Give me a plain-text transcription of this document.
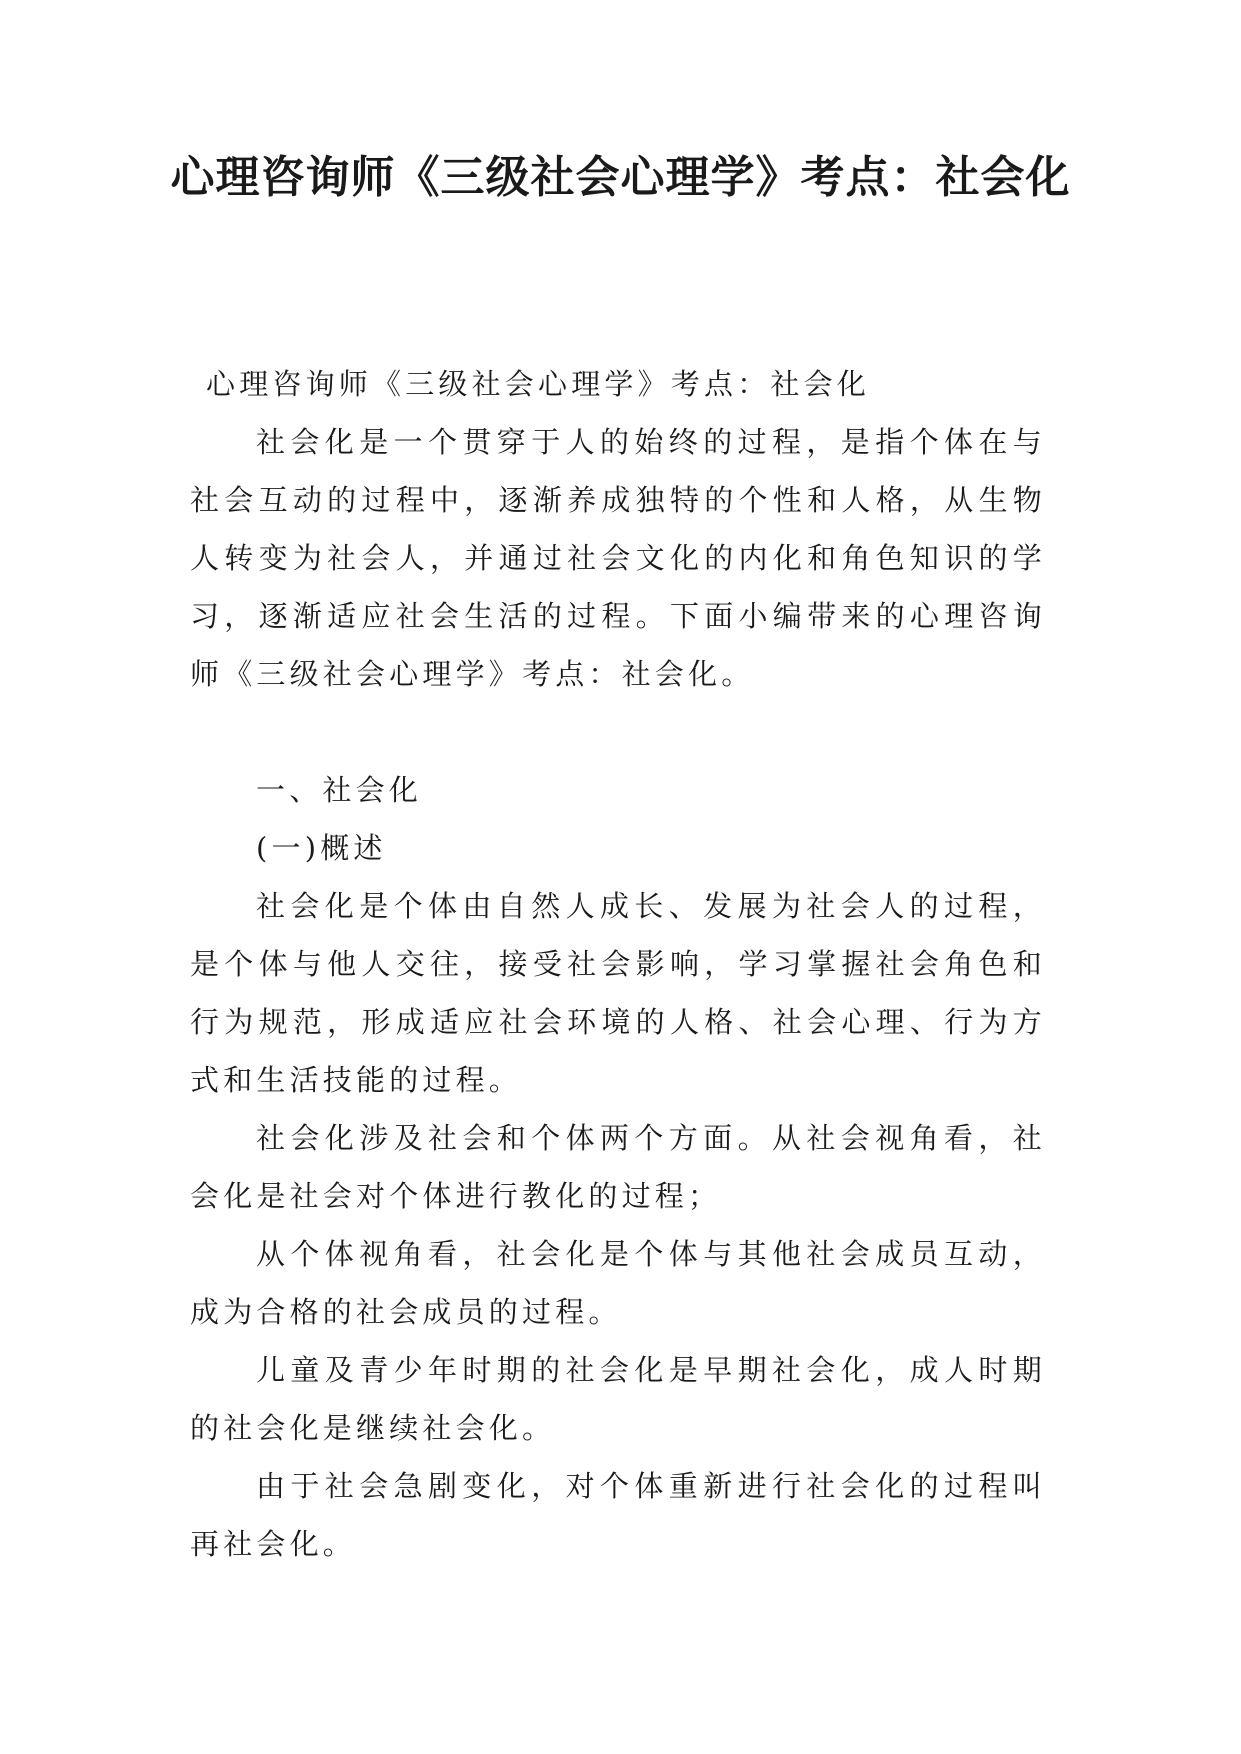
心理咨询师《三级社会心理学》考点：社会化

心理咨询师《三级社会心理学》考点：社会化

社会化是一个贯穿于人的始终的过程，是指个体在与社会互动的过程中，逐渐养成独特的个性和人格，从生物人转变为社会人，并通过社会文化的内化和角色知识的学习，逐渐适应社会生活的过程。下面小编带来的心理咨询师《三级社会心理学》考点：社会化。

一、社会化

(一)概述

社会化是个体由自然人成长、发展为社会人的过程，是个体与他人交往，接受社会影响，学习掌握社会角色和行为规范，形成适应社会环境的人格、社会心理、行为方式和生活技能的过程。

社会化涉及社会和个体两个方面。从社会视角看，社会化是社会对个体进行教化的过程；

从个体视角看，社会化是个体与其他社会成员互动，成为合格的社会成员的过程。

儿童及青少年时期的社会化是早期社会化，成人时期的社会化是继续社会化。

由于社会急剧变化，对个体重新进行社会化的过程叫再社会化。
